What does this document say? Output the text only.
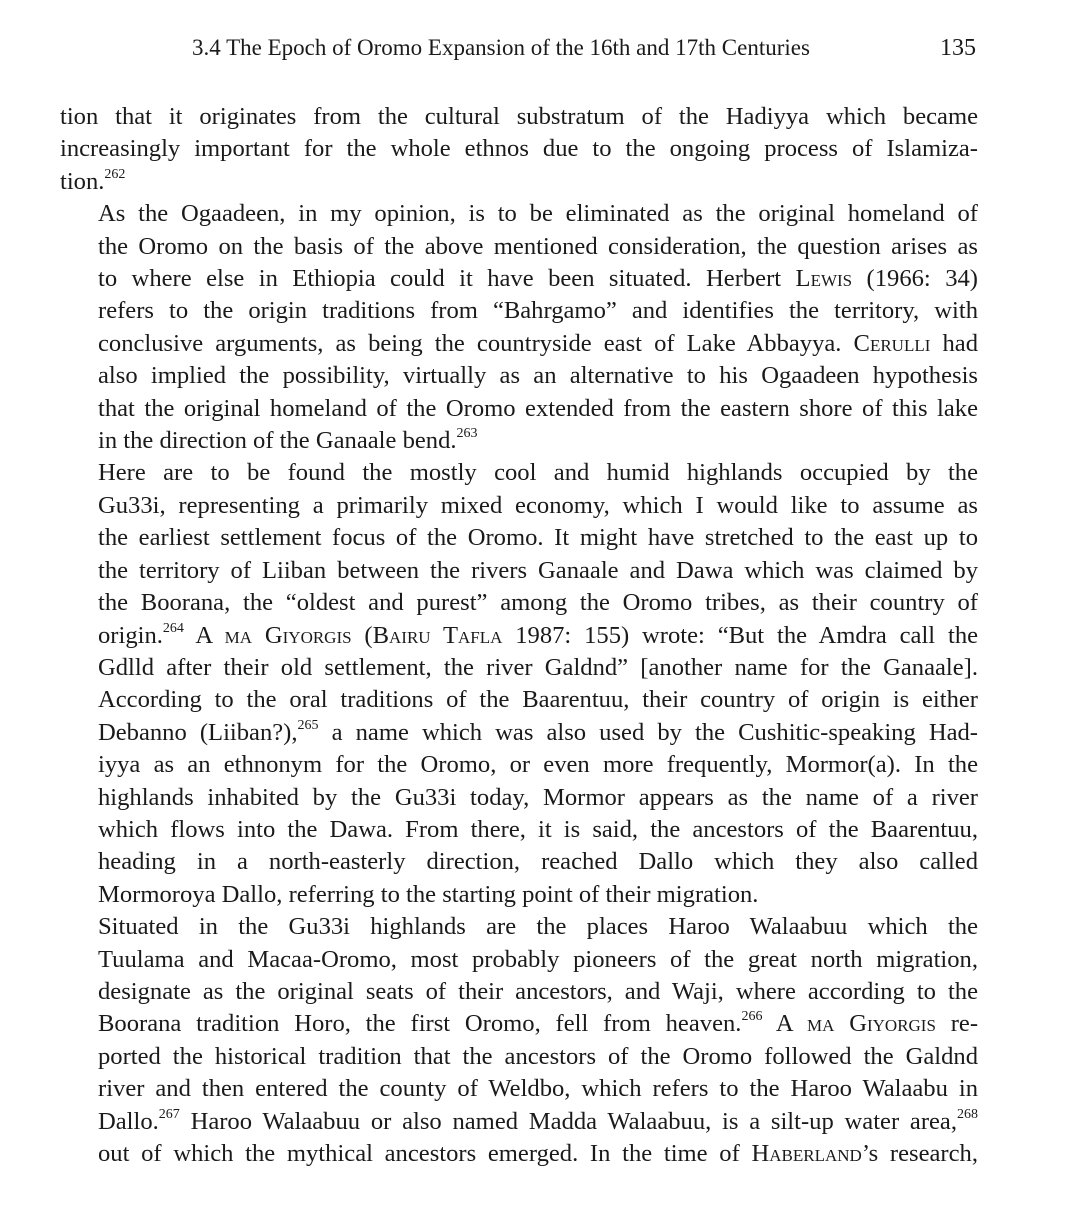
3.4 The Epoch of Oromo Expansion of the 16th and 17th Centuries	135

tion that it originates from the cultural substratum of the Hadiyya which became
increasingly important for the whole ethnos due to the ongoing process of Islamiza-
tion.$^{262}$

As the Ogaadeen, in my opinion, is to be eliminated as the original homeland of
the Oromo on the basis of the above mentioned consideration, the question arises as
to where else in Ethiopia could it have been situated. Herbert Lewis (1966: 34)
refers to the origin traditions from “Bahrgamo” and identifies the territory, with
conclusive arguments, as being the countryside east of Lake Abbayya. Cerulli had
also implied the possibility, virtually as an alternative to his Ogaadeen hypothesis
that the original homeland of the Oromo extended from the eastern shore of this lake
in the direction of the Ganaale bend.$^{263}$

Here are to be found the mostly cool and humid highlands occupied by the
Gu33i, representing a primarily mixed economy, which I would like to assume as
the earliest settlement focus of the Oromo. It might have stretched to the east up to
the territory of Liiban between the rivers Ganaale and Dawa which was claimed by
the Boorana, the “oldest and purest” among the Oromo tribes, as their country of
origin.$^{264}$ A ma Giyorgis (Bairu Tafla 1987: 155) wrote: “But the Amdra call the
Gdlld after their old settlement, the river Galdnd” [another name for the Ganaale].
According to the oral traditions of the Baarentuu, their country of origin is either
Debanno (Liiban?),$^{265}$ a name which was also used by the Cushitic-speaking Had-
iyya as an ethnonym for the Oromo, or even more frequently, Mormor(a). In the
highlands inhabited by the Gu33i today, Mormor appears as the name of a river
which flows into the Dawa. From there, it is said, the ancestors of the Baarentuu,
heading in a north-easterly direction, reached Dallo which they also called
Mormoroya Dallo, referring to the starting point of their migration.

Situated in the Gu33i highlands are the places Haroo Walaabuu which the
Tuulama and Macaa-Oromo, most probably pioneers of the great north migration,
designate as the original seats of their ancestors, and Waji, where according to the
Boorana tradition Horo, the first Oromo, fell from heaven.$^{266}$ A ma Giyorgis re-
ported the historical tradition that the ancestors of the Oromo followed the Galdnd
river and then entered the county of Weldbo, which refers to the Haroo Walaabu in
Dallo.$^{267}$ Haroo Walaabuu or also named Madda Walaabuu, is a silt-up water area,$^{268}$
out of which the mythical ancestors emerged. In the time of Haberland’s research,
